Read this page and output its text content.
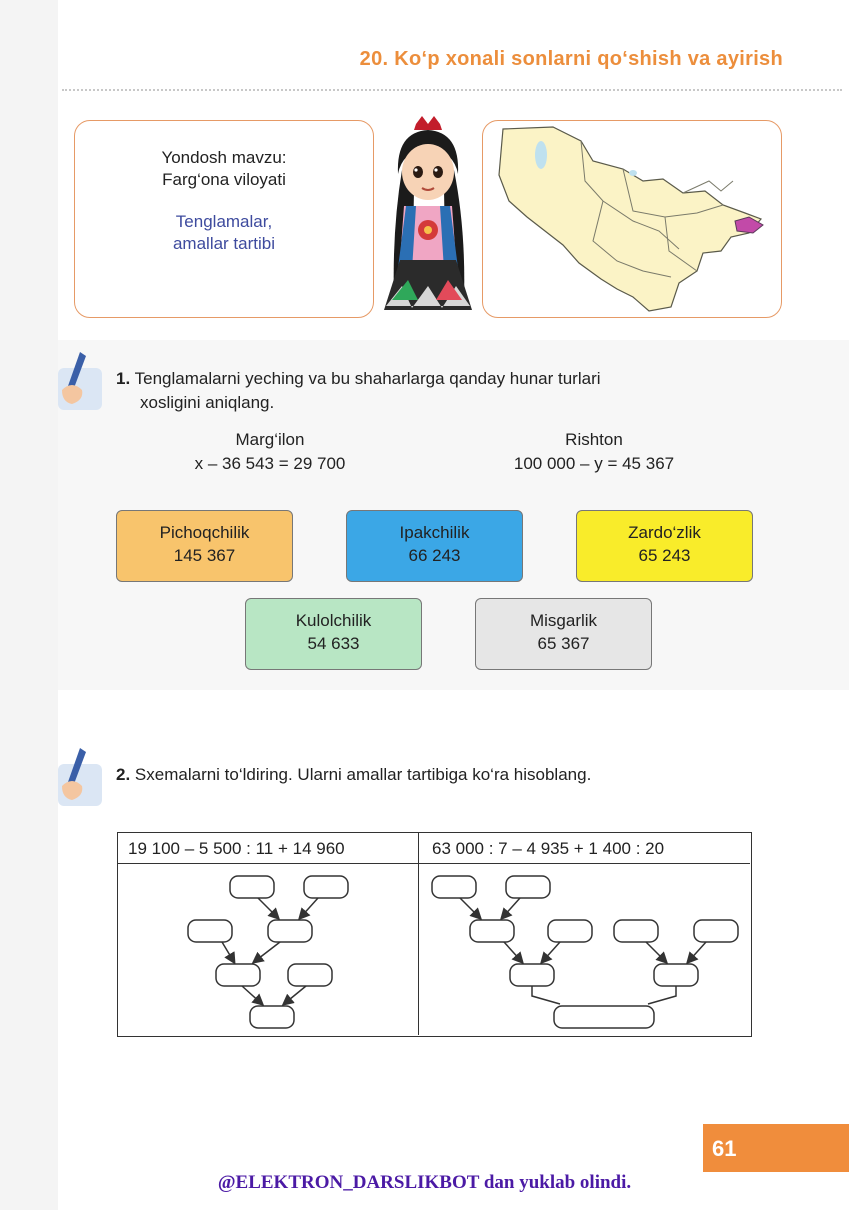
20. Ko‘p xonali sonlarni qo‘shish va ayirish
Yondosh mavzu:
Farg‘ona viloyati
Tenglamalar,
amallar tartibi
1. Tenglamalarni yeching va bu shaharlarga qanday hunar turlari
xosligini aniqlang.
Marg‘ilon
x – 36 543 = 29 700
Rishton
100 000 – y = 45 367
Pichoqchilik
145 367
Ipakchilik
66 243
Zardo‘zlik
65 243
Kulolchilik
54 633
Misgarlik
65 367
2. Sxemalarni to‘ldiring. Ularni amallar tartibiga ko‘ra hisoblang.
19 100 – 5 500 : 11 + 14 960	63 000 : 7 – 4 935 + 1 400 : 20
61
@ELEKTRON_DARSLIKBOT dan yuklab olindi.
